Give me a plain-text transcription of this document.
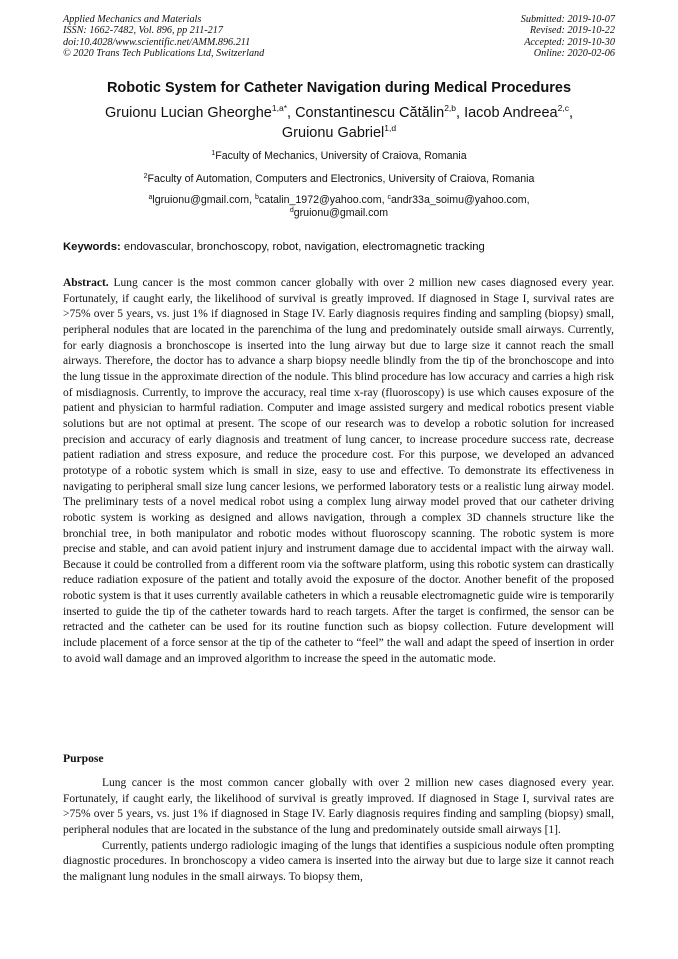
Applied Mechanics and Materials
ISSN: 1662-7482, Vol. 896, pp 211-217
doi:10.4028/www.scientific.net/AMM.896.211
© 2020 Trans Tech Publications Ltd, Switzerland
Submitted: 2019-10-07
Revised: 2019-10-22
Accepted: 2019-10-30
Online: 2020-02-06
Robotic System for Catheter Navigation during Medical Procedures
Gruionu Lucian Gheorghe$^{1,a*}$, Constantinescu Cătălin$^{2,b}$, Iacob Andreea$^{2,c}$,
Gruionu Gabriel$^{1,d}$
$^1$Faculty of Mechanics, University of Craiova, Romania
$^2$Faculty of Automation, Computers and Electronics, University of Craiova, Romania
$^a$lgruionu@gmail.com, $^b$catalin_1972@yahoo.com, $^c$andr33a_soimu@yahoo.com,
$^d$gruionu@gmail.com
Keywords: endovascular, bronchoscopy, robot, navigation, electromagnetic tracking

Abstract. Lung cancer is the most common cancer globally with over 2 million new cases diagnosed every year. Fortunately, if caught early, the likelihood of survival is greatly improved. If diagnosed in Stage I, survival rates are >75% over 5 years, vs. just 1% if diagnosed in Stage IV. Early diagnosis requires finding and sampling (biopsy) small, peripheral nodules that are located in the parenchima of the lung and predominately outside small airways. Currently, for early diagnosis a bronchoscope is inserted into the lung airway but due to large size it cannot reach the small airways. Therefore, the doctor has to advance a sharp biopsy needle blindly from the tip of the bronchoscope and into the lung tissue in the approximate direction of the nodule. This blind procedure has low accuracy and carries a high risk of misdiagnosis. Currently, to improve the accuracy, real time x-ray (fluoroscopy) is use which causes exposure of the patient and physician to harmful radiation. Computer and image assisted surgery and medical robotics present viable solutions but are not optimal at present. The scope of our research was to develop a robotic solution for increased precision and accuracy of early diagnosis and treatment of lung cancer, to increase procedure success rate, decrease patient radiation and stress exposure, and reduce the procedure cost. For this purpose, we developed an advanced prototype of a robotic system which is small in size, easy to use and effective. To demonstrate its effectiveness in navigating to peripheral small size lung cancer lesions, we performed laboratory tests or a realistic lung airway model. The preliminary tests of a novel medical robot using a complex lung airway model proved that our catheter driving robotic system is working as designed and allows navigation, through a complex 3D channels structure like the bronchial tree, in both manipulator and robotic modes without fluoroscopy scanning. The robotic system is more precise and stable, and can avoid patient injury and instrument damage due to accidental impact with the airway wall. Because it could be controlled from a different room via the software platform, using this robotic system can drastically reduce radiation exposure of the patient and totally avoid the exposure of the doctor. Another benefit of the proposed robotic system is that it uses currently available catheters in which a reusable electromagnetic guide wire is temporarily inserted to guide the tip of the catheter towards hard to reach targets. After the target is confirmed, the sensor can be retracted and the catheter can be used for its routine function such as biopsy collection. Future development will include placement of a force sensor at the tip of the catheter to “feel” the wall and adapt the speed of insertion in order to avoid wall damage and an improved algorithm to increase the speed in the automatic mode.

Purpose

Lung cancer is the most common cancer globally with over 2 million new cases diagnosed every year. Fortunately, if caught early, the likelihood of survival is greatly improved. If diagnosed in Stage I, survival rates are >75% over 5 years, vs. just 1% if diagnosed in Stage IV. Early diagnosis requires finding and sampling (biopsy) small, peripheral nodules that are located in the substance of the lung and predominately outside small airways [1].

Currently, patients undergo radiologic imaging of the lungs that identifies a suspicious nodule often prompting diagnostic procedures. In bronchoscopy a video camera is inserted into the airway but due to large size it cannot reach the malignant lung nodules in the small airways. To biopsy them,
